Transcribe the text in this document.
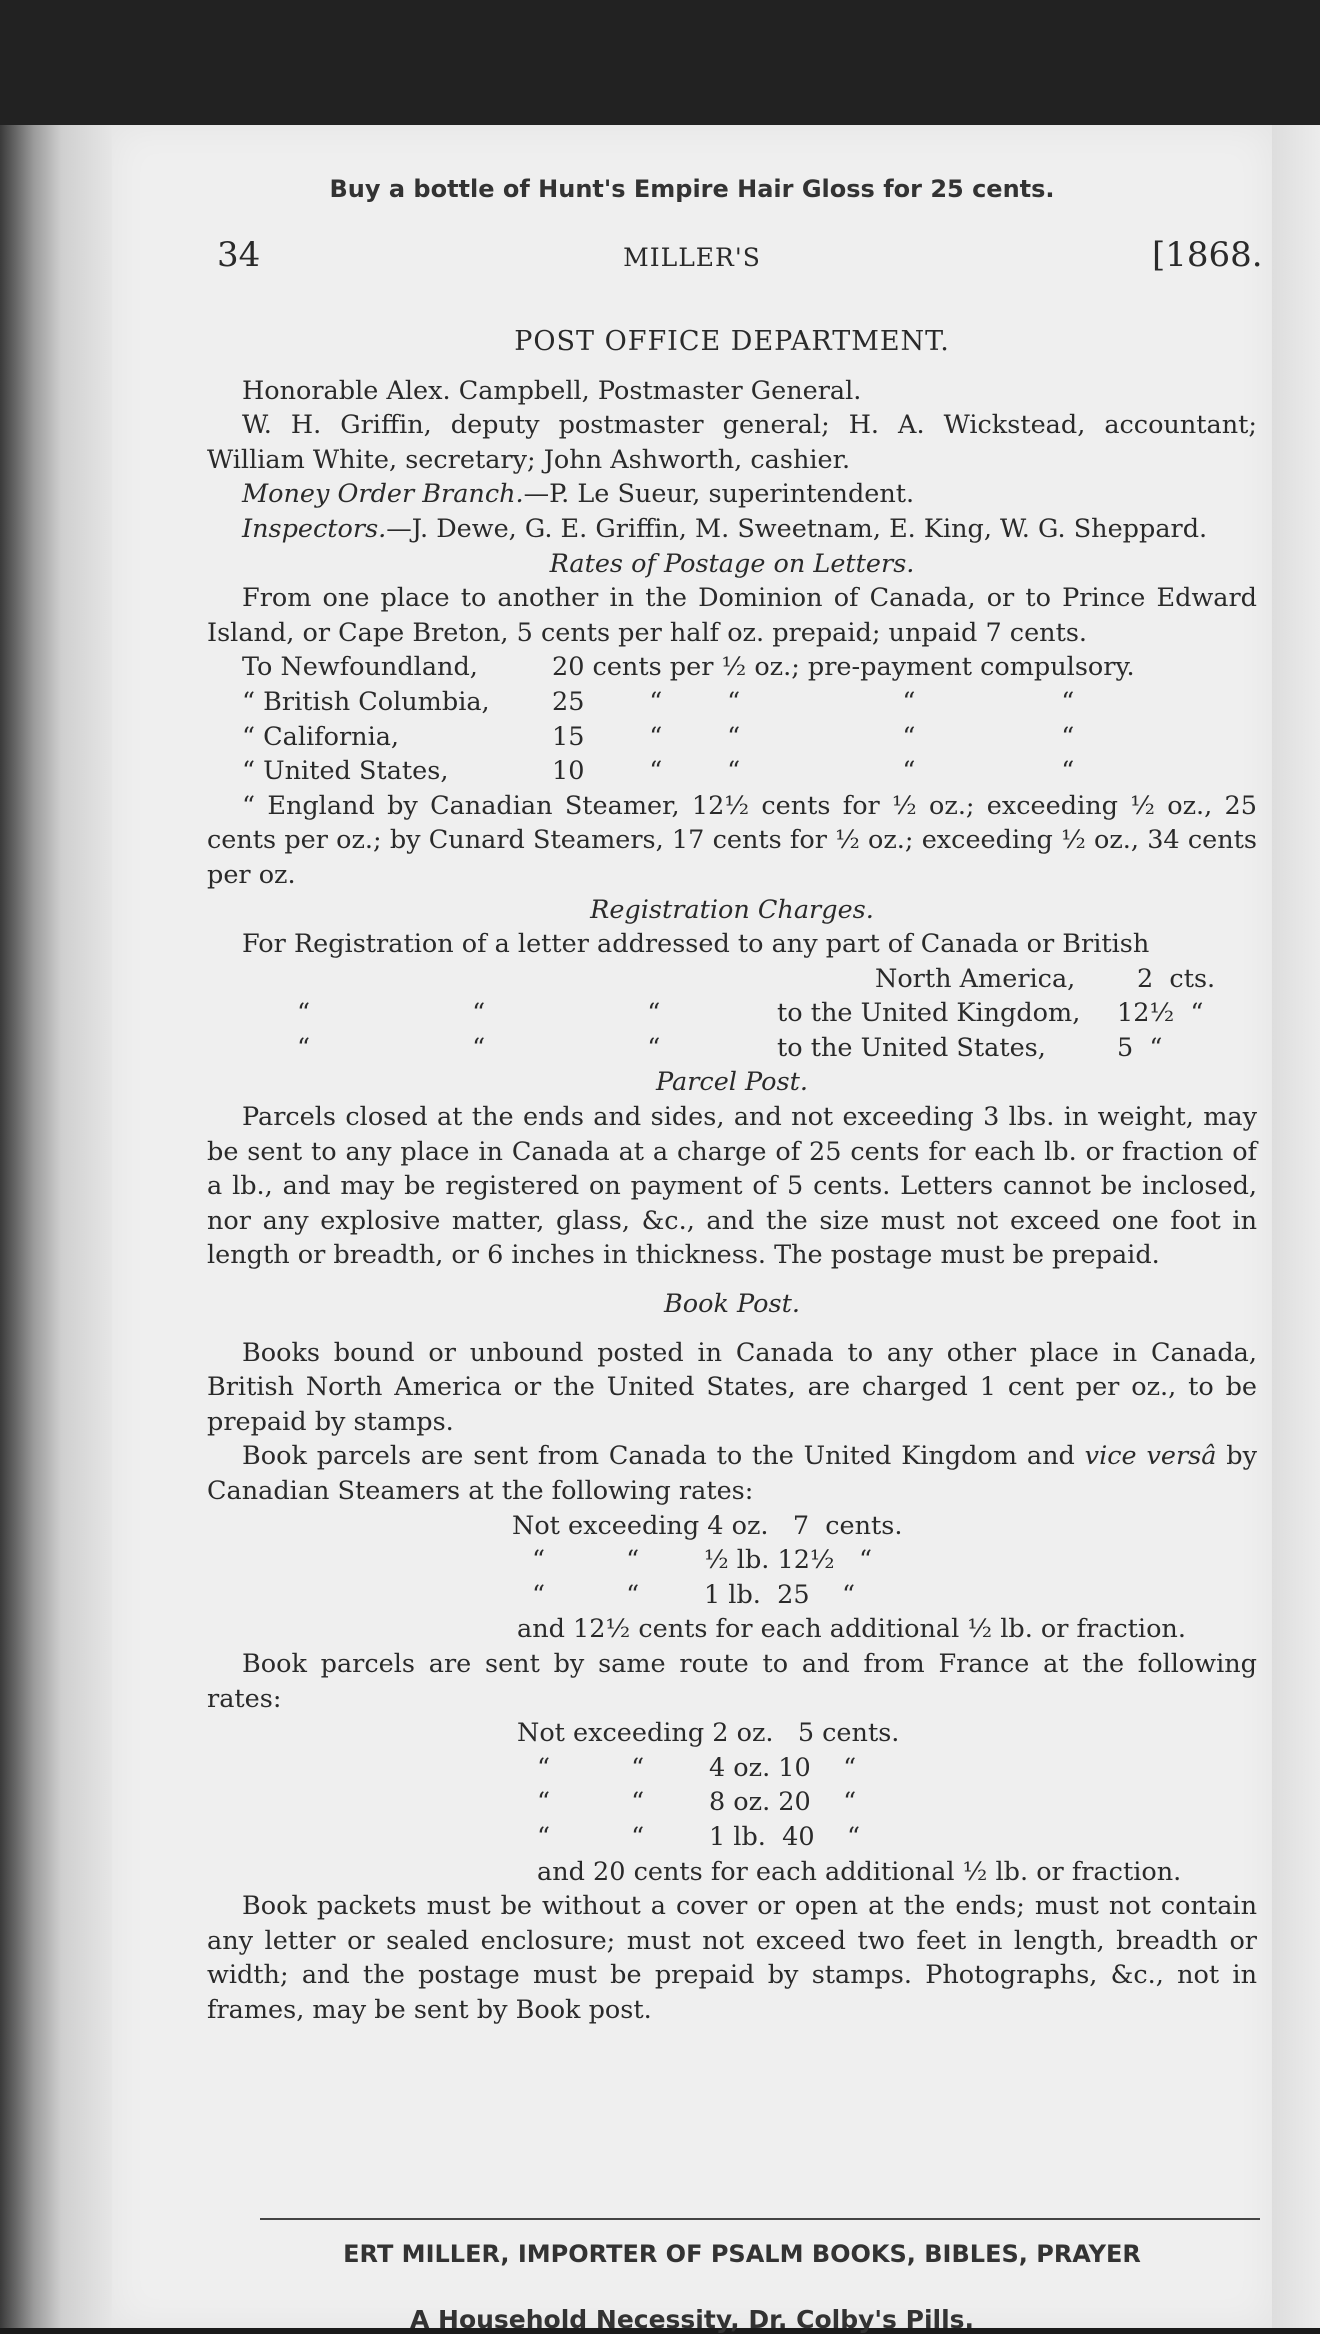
Buy a bottle of Hunt's Empire Hair Gloss for 25 cents.
34	MILLER'S	[1868.

POST OFFICE DEPARTMENT.

Honorable Alex. Campbell, Postmaster General.

W. H. Griffin, deputy postmaster general; H. A. Wickstead, accountant; William White, secretary; John Ashworth, cashier.

Money Order Branch.—P. Le Sueur, superintendent.

Inspectors.—J. Dewe, G. E. Griffin, M. Sweetnam, E. King, W. G. Sheppard.

Rates of Postage on Letters.

From one place to another in the Dominion of Canada, or to Prince Edward Island, or Cape Breton, 5 cents per half oz. prepaid; unpaid 7 cents.

To Newfoundland,	20 cents per ½ oz.; pre-payment compulsory.
“ British Columbia,	25        “        “                    “                  “
“ California,	15        “        “                    “                  “
“ United States,	10        “        “                    “                  “

“ England by Canadian Steamer, 12½ cents for ½ oz.; exceeding ½ oz., 25 cents per oz.; by Cunard Steamers, 17 cents for ½ oz.; exceeding ½ oz., 34 cents per oz.

Registration Charges.

For Registration of a letter addressed to any part of Canada or British

North America,	2  cts.
“                    “                    “	to the United Kingdom,	12½  “
“                    “                    “	to the United States,	5  “

Parcel Post.

Parcels closed at the ends and sides, and not exceeding 3 lbs. in weight, may be sent to any place in Canada at a charge of 25 cents for each lb. or fraction of a lb., and may be registered on payment of 5 cents. Letters cannot be inclosed, nor any explosive matter, glass, &c., and the size must not exceed one foot in length or breadth, or 6 inches in thickness. The postage must be prepaid.

Book Post.

Books bound or unbound posted in Canada to any other place in Canada, British North America or the United States, are charged 1 cent per oz., to be prepaid by stamps.

Book parcels are sent from Canada to the United Kingdom and vice versâ by Canadian Steamers at the following rates:

Not exceeding 4 oz.   7  cents.
“          “        ½ lb. 12½   “
“          “        1 lb.  25    “

and 12½ cents for each additional ½ lb. or fraction.

Book parcels are sent by same route to and from France at the following rates:

Not exceeding 2 oz.   5 cents.
“          “        4 oz. 10    “
“          “        8 oz. 20    “
“          “        1 lb.  40    “

and 20 cents for each additional ½ lb. or fraction.

Book packets must be without a cover or open at the ends; must not contain any letter or sealed enclosure; must not exceed two feet in length, breadth or width; and the postage must be prepaid by stamps. Photographs, &c., not in frames, may be sent by Book post.

ERT MILLER, IMPORTER OF PSALM BOOKS, BIBLES, PRAYER
A Household Necessity, Dr. Colby's Pills.
